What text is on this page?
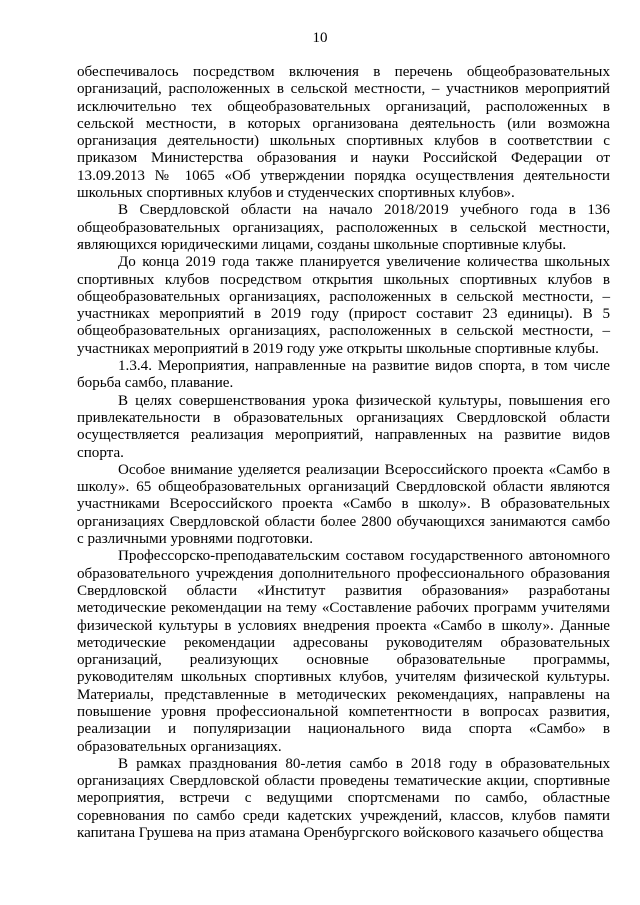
10

обеспечивалось посредством включения в перечень общеобразовательных организаций, расположенных в сельской местности, – участников мероприятий исключительно тех общеобразовательных организаций, расположенных в сельской местности, в которых организована деятельность (или возможна организация деятельности) школьных спортивных клубов в соответствии с приказом Министерства образования и науки Российской Федерации от 13.09.2013 № 1065 «Об утверждении порядка осуществления деятельности школьных спортивных клубов и студенческих спортивных клубов».

В Свердловской области на начало 2018/2019 учебного года в 136 общеобразовательных организациях, расположенных в сельской местности, являющихся юридическими лицами, созданы школьные спортивные клубы.

До конца 2019 года также планируется увеличение количества школьных спортивных клубов посредством открытия школьных спортивных клубов в общеобразовательных организациях, расположенных в сельской местности, – участниках мероприятий в 2019 году (прирост составит 23 единицы). В 5 общеобразовательных организациях, расположенных в сельской местности, – участниках мероприятий в 2019 году уже открыты школьные спортивные клубы.

1.3.4. Мероприятия, направленные на развитие видов спорта, в том числе борьба самбо, плавание.

В целях совершенствования урока физической культуры, повышения его привлекательности в образовательных организациях Свердловской области осуществляется реализация мероприятий, направленных на развитие видов спорта.

Особое внимание уделяется реализации Всероссийского проекта «Самбо в школу». 65 общеобразовательных организаций Свердловской области являются участниками Всероссийского проекта «Самбо в школу». В образовательных организациях Свердловской области более 2800 обучающихся занимаются самбо с различными уровнями подготовки.

Профессорско-преподавательским составом государственного автономного образовательного учреждения дополнительного профессионального образования Свердловской области «Институт развития образования» разработаны методические рекомендации на тему «Составление рабочих программ учителями физической культуры в условиях внедрения проекта «Самбо в школу». Данные методические рекомендации адресованы руководителям образовательных организаций, реализующих основные образовательные программы, руководителям школьных спортивных клубов, учителям физической культуры. Материалы, представленные в методических рекомендациях, направлены на повышение уровня профессиональной компетентности в вопросах развития, реализации и популяризации национального вида спорта «Самбо» в образовательных организациях.

В рамках празднования 80-летия самбо в 2018 году в образовательных организациях Свердловской области проведены тематические акции, спортивные мероприятия, встречи с ведущими спортсменами по самбо, областные соревнования по самбо среди кадетских учреждений, классов, клубов памяти капитана Грушева на приз атамана Оренбургского войскового казачьего общества
